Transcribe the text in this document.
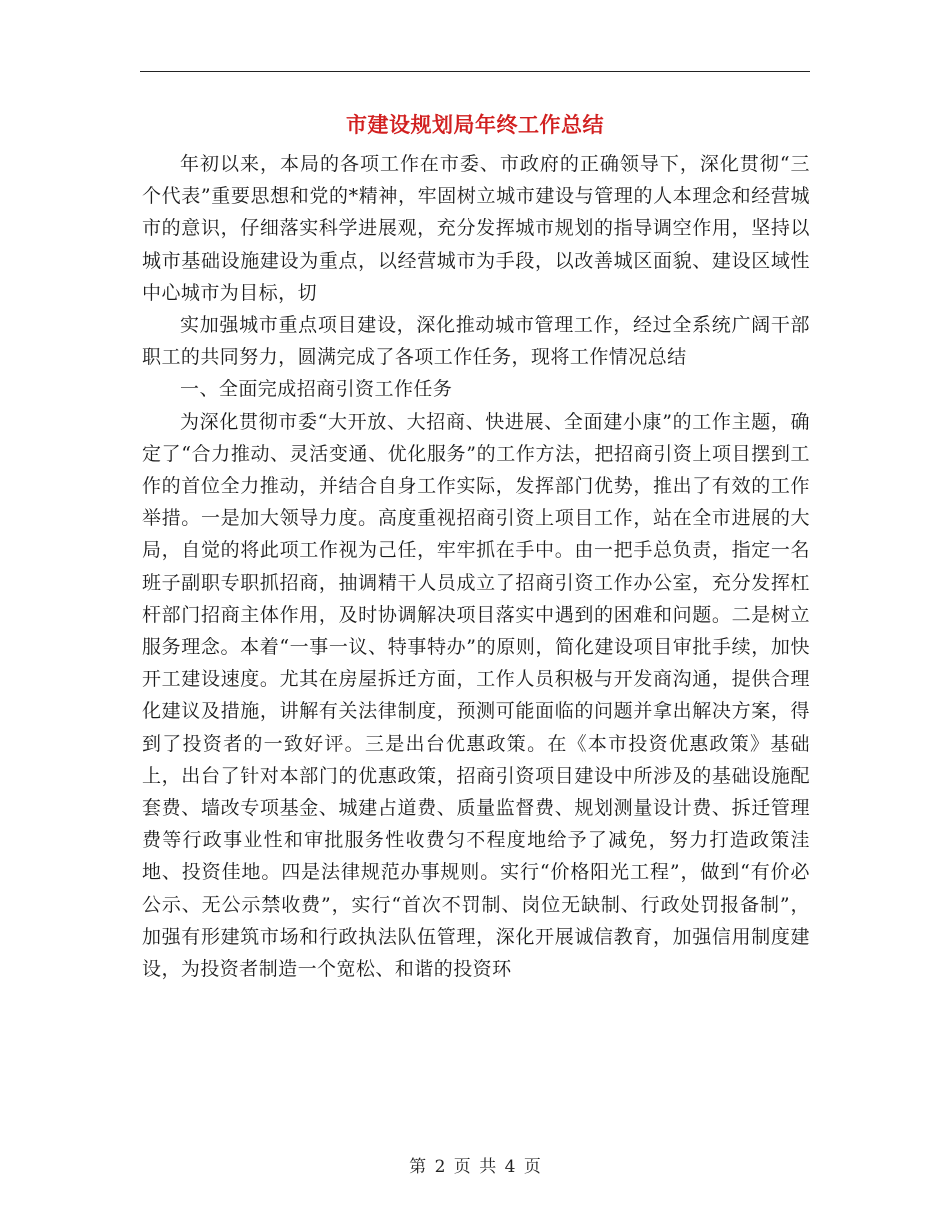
市建设规划局年终工作总结

年初以来，本局的各项工作在市委、市政府的正确领导下，深化贯彻“三个代表”重要思想和党的*精神，牢固树立城市建设与管理的人本理念和经营城市的意识，仔细落实科学进展观，充分发挥城市规划的指导调空作用，坚持以城市基础设施建设为重点，以经营城市为手段，以改善城区面貌、建设区域性中心城市为目标，切

实加强城市重点项目建设，深化推动城市管理工作，经过全系统广阔干部职工的共同努力，圆满完成了各项工作任务，现将工作情况总结

一、全面完成招商引资工作任务

为深化贯彻市委“大开放、大招商、快进展、全面建小康”的工作主题，确定了“合力推动、灵活变通、优化服务”的工作方法，把招商引资上项目摆到工作的首位全力推动，并结合自身工作实际，发挥部门优势，推出了有效的工作举措。一是加大领导力度。高度重视招商引资上项目工作，站在全市进展的大局，自觉的将此项工作视为己任，牢牢抓在手中。由一把手总负责，指定一名班子副职专职抓招商，抽调精干人员成立了招商引资工作办公室，充分发挥杠杆部门招商主体作用，及时协调解决项目落实中遇到的困难和问题。二是树立服务理念。本着“一事一议、特事特办”的原则，简化建设项目审批手续，加快开工建设速度。尤其在房屋拆迁方面，工作人员积极与开发商沟通，提供合理化建议及措施，讲解有关法律制度，预测可能面临的问题并拿出解决方案，得到了投资者的一致好评。三是出台优惠政策。在《本市投资优惠政策》基础上，出台了针对本部门的优惠政策，招商引资项目建设中所涉及的基础设施配套费、墙改专项基金、城建占道费、质量监督费、规划测量设计费、拆迁管理费等行政事业性和审批服务性收费匀不程度地给予了减免，努力打造政策洼地、投资佳地。四是法律规范办事规则。实行“价格阳光工程”，做到“有价必公示、无公示禁收费”，实行“首次不罚制、岗位无缺制、行政处罚报备制”，加强有形建筑市场和行政执法队伍管理，深化开展诚信教育，加强信用制度建设，为投资者制造一个宽松、和谐的投资环

第 2 页 共 4 页
